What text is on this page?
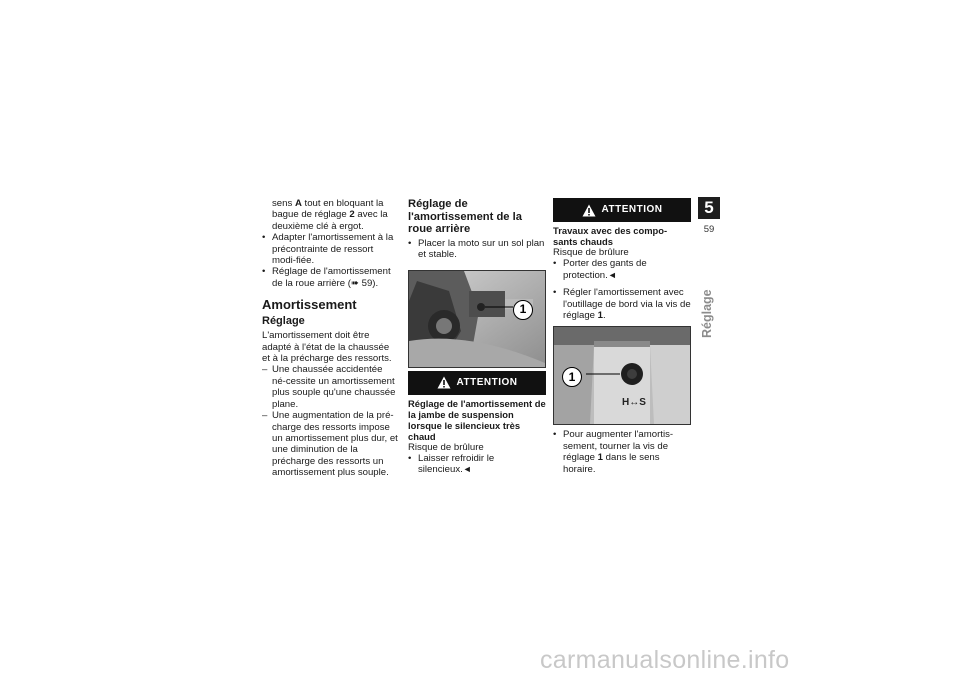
sens A tout en bloquant la bague de réglage 2 avec la deuxième clé à ergot.

• Adapter l'amortissement à la précontrainte de ressort modi-fiée.

• Réglage de l'amortissement de la roue arrière (➠ 59).

Amortissement
Réglage

L'amortissement doit être adapté à l'état de la chaussée et à la précharge des ressorts.

– Une chaussée accidentée né-cessite un amortissement plus souple qu'une chaussée plane.

– Une augmentation de la pré-charge des ressorts impose un amortissement plus dur, et une diminution de la précharge des ressorts un amortissement plus souple.

Réglage de l'amortissement de la roue arrière

• Placer la moto sur un sol plan et stable.

1
ATTENTION
Réglage de l'amortissement de la jambe de suspension lorsque le silencieux très chaud

Risque de brûlure

• Laisser refroidir le silencieux.◄

ATTENTION
Travaux avec des compo-sants chauds

Risque de brûlure

• Porter des gants de protection.◄

• Régler l'amortissement avec l'outillage de bord via la vis de réglage 1.

1
H↔S

• Pour augmenter l'amortis-sement, tourner la vis de réglage 1 dans le sens horaire.

5
59
Réglage
carmanualsonline.info
